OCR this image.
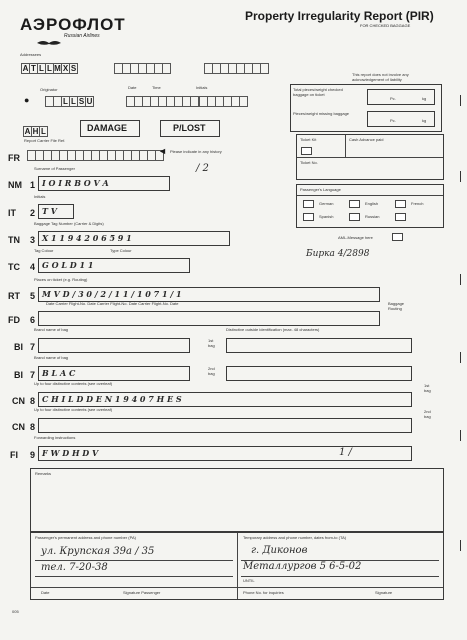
АЭРОФЛОТ
Russian Airlines
Property Irregularity Report (PIR)
FOR CHECKED BAGGAGE
Addressees
A T L L M X S
Originator
●	L L S U
Date	Time	Initials
A H L	DAMAGE	P/LOST
Report Carrier File Ref.
This report does not involve any acknowledgement of liability
Total pieces/weight checked baggage on ticket
Pieces/weight missing baggage
Pc.	kg
Pc.	kg
Ticket Kit	Cash Advance paid
Ticket No.
Passenger's Language
German	English	French
Spanish	Russian
FR
◄ Please indicate in any history
Surname of Passenger
NM 1 I O I R B O V A
/ 2
Initials
IT 2 T V
Baggage Tag Number (Carrier & Digits)
TN 3 X 1 1 9 4 2 0 6 5 9 1	AML-Message here
Бирка 4/2898
Tag Colour	Type Colour
TC 4 G O L D 1 1
Places on ticket (e.g. Routing)
RT 5 M V D / 3 0 / 2 / 1 1 / 1 0 7 1 / 1
Date Carrier Flight-No. Date Carrier Flight-No. Date Carrier Flight-No. Date	Baggage Routing
FD 6
Brand name of bag
BI 7
1st bag
Distinctive outside identification (max. 48 characters)
Brand name of bag
BI 7 B L A C	2nd bag
Up to four distinctive contents (see overleaf)
CN 8 C H I L D D E N 1 9 4 0 7 H E S
1st bag
Up to four distinctive contents (see overleaf)
CN 8
2nd bag
Forwarding instructions
FI 9 F W D H D V	1 /
Remarks
Passenger's permanent address and phone number (PA)	Temporary address and phone number, dates from-to (TA)
ул. Крупская 39а / 35
тел. 7-20-38
г. Диконов
Металлургов 5 6-5-02
UNTIL
Date	Signature Passenger	Phone No. for inquiries	Signature
005
